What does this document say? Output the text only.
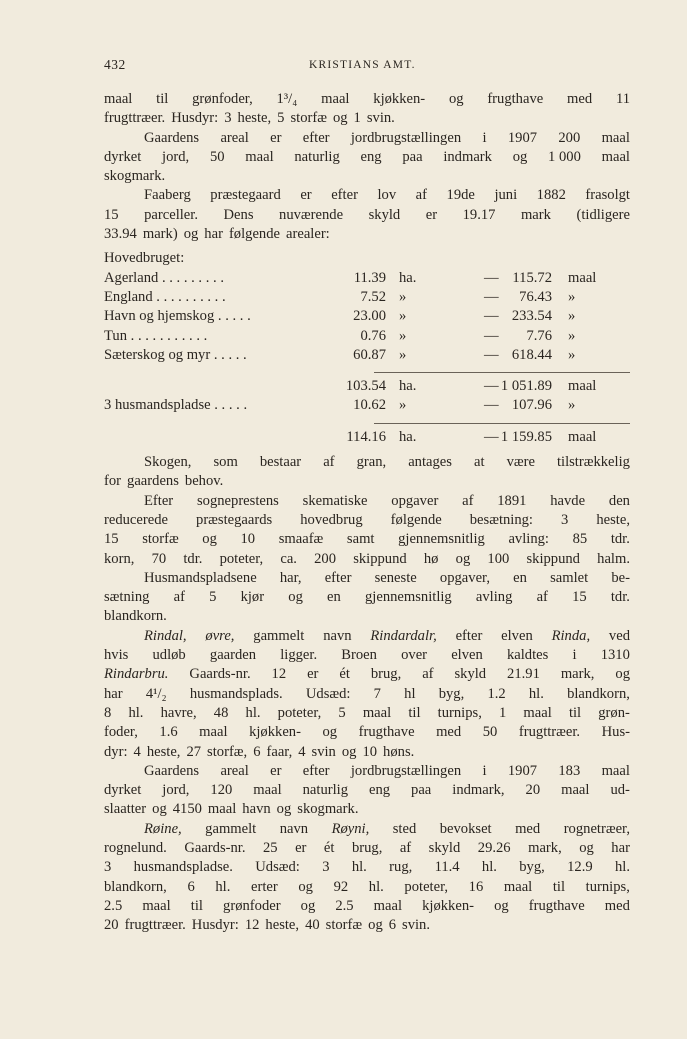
432	KRISTIANS AMT.
maal til grønfoder, 1³/₄ maal kjøkken- og frugthave med 11
frugttræer. Husdyr: 3 heste, 5 storfæ og 1 svin.
Gaardens areal er efter jordbrugstællingen i 1907 200 maal
dyrket jord, 50 maal naturlig eng paa indmark og 1 000 maal
skogmark.
Faaberg præstegaard er efter lov af 19de juni 1882 frasolgt
15 parceller. Dens nuværende skyld er 19.17 mark (tidligere
33.94 mark) og har følgende arealer:
Hovedbruget:
Agerland . . . . . . . . .	11.39 ha.	— 115.72 maal
England . . . . . . . . . .	7.52 »	— 76.43 »
Havn og hjemskog . . . . .	23.00 »	— 233.54 »
Tun . . . . . . . . . . .	0.76 »	— 7.76 »
Sæterskog og myr . . . . .	60.87 »	— 618.44 »
103.54 ha.	— 1 051.89 maal
3 husmandspladse . . . . .	10.62 »	— 107.96 »
114.16 ha.	— 1 159.85 maal
Skogen, som bestaar af gran, antages at være tilstrækkelig
for gaardens behov.
Efter sogneprestens skematiske opgaver af 1891 havde den
reducerede præstegaards hovedbrug følgende besætning: 3 heste,
15 storfæ og 10 smaafæ samt gjennemsnitlig avling: 85 tdr.
korn, 70 tdr. poteter, ca. 200 skippund hø og 100 skippund halm.
Husmandspladsene har, efter seneste opgaver, en samlet be-
sætning af 5 kjør og en gjennemsnitlig avling af 15 tdr.
blandkorn.
Rindal, øvre, gammelt navn Rindardalr, efter elven Rinda, ved
hvis udløb gaarden ligger. Broen over elven kaldtes i 1310
Rindarbru. Gaards-nr. 12 er ét brug, af skyld 21.91 mark, og
har 4¹/₂ husmandsplads. Udsæd: 7 hl byg, 1.2 hl. blandkorn,
8 hl. havre, 48 hl. poteter, 5 maal til turnips, 1 maal til grøn-
foder, 1.6 maal kjøkken- og frugthave med 50 frugttræer. Hus-
dyr: 4 heste, 27 storfæ, 6 faar, 4 svin og 10 høns.
Gaardens areal er efter jordbrugstællingen i 1907 183 maal
dyrket jord, 120 maal naturlig eng paa indmark, 20 maal ud-
slaatter og 4150 maal havn og skogmark.
Røine, gammelt navn Røyni, sted bevokset med rognetræer,
rognelund. Gaards-nr. 25 er ét brug, af skyld 29.26 mark, og har
3 husmandspladse. Udsæd: 3 hl. rug, 11.4 hl. byg, 12.9 hl.
blandkorn, 6 hl. erter og 92 hl. poteter, 16 maal til turnips,
2.5 maal til grønfoder og 2.5 maal kjøkken- og frugthave med
20 frugttræer. Husdyr: 12 heste, 40 storfæ og 6 svin.
